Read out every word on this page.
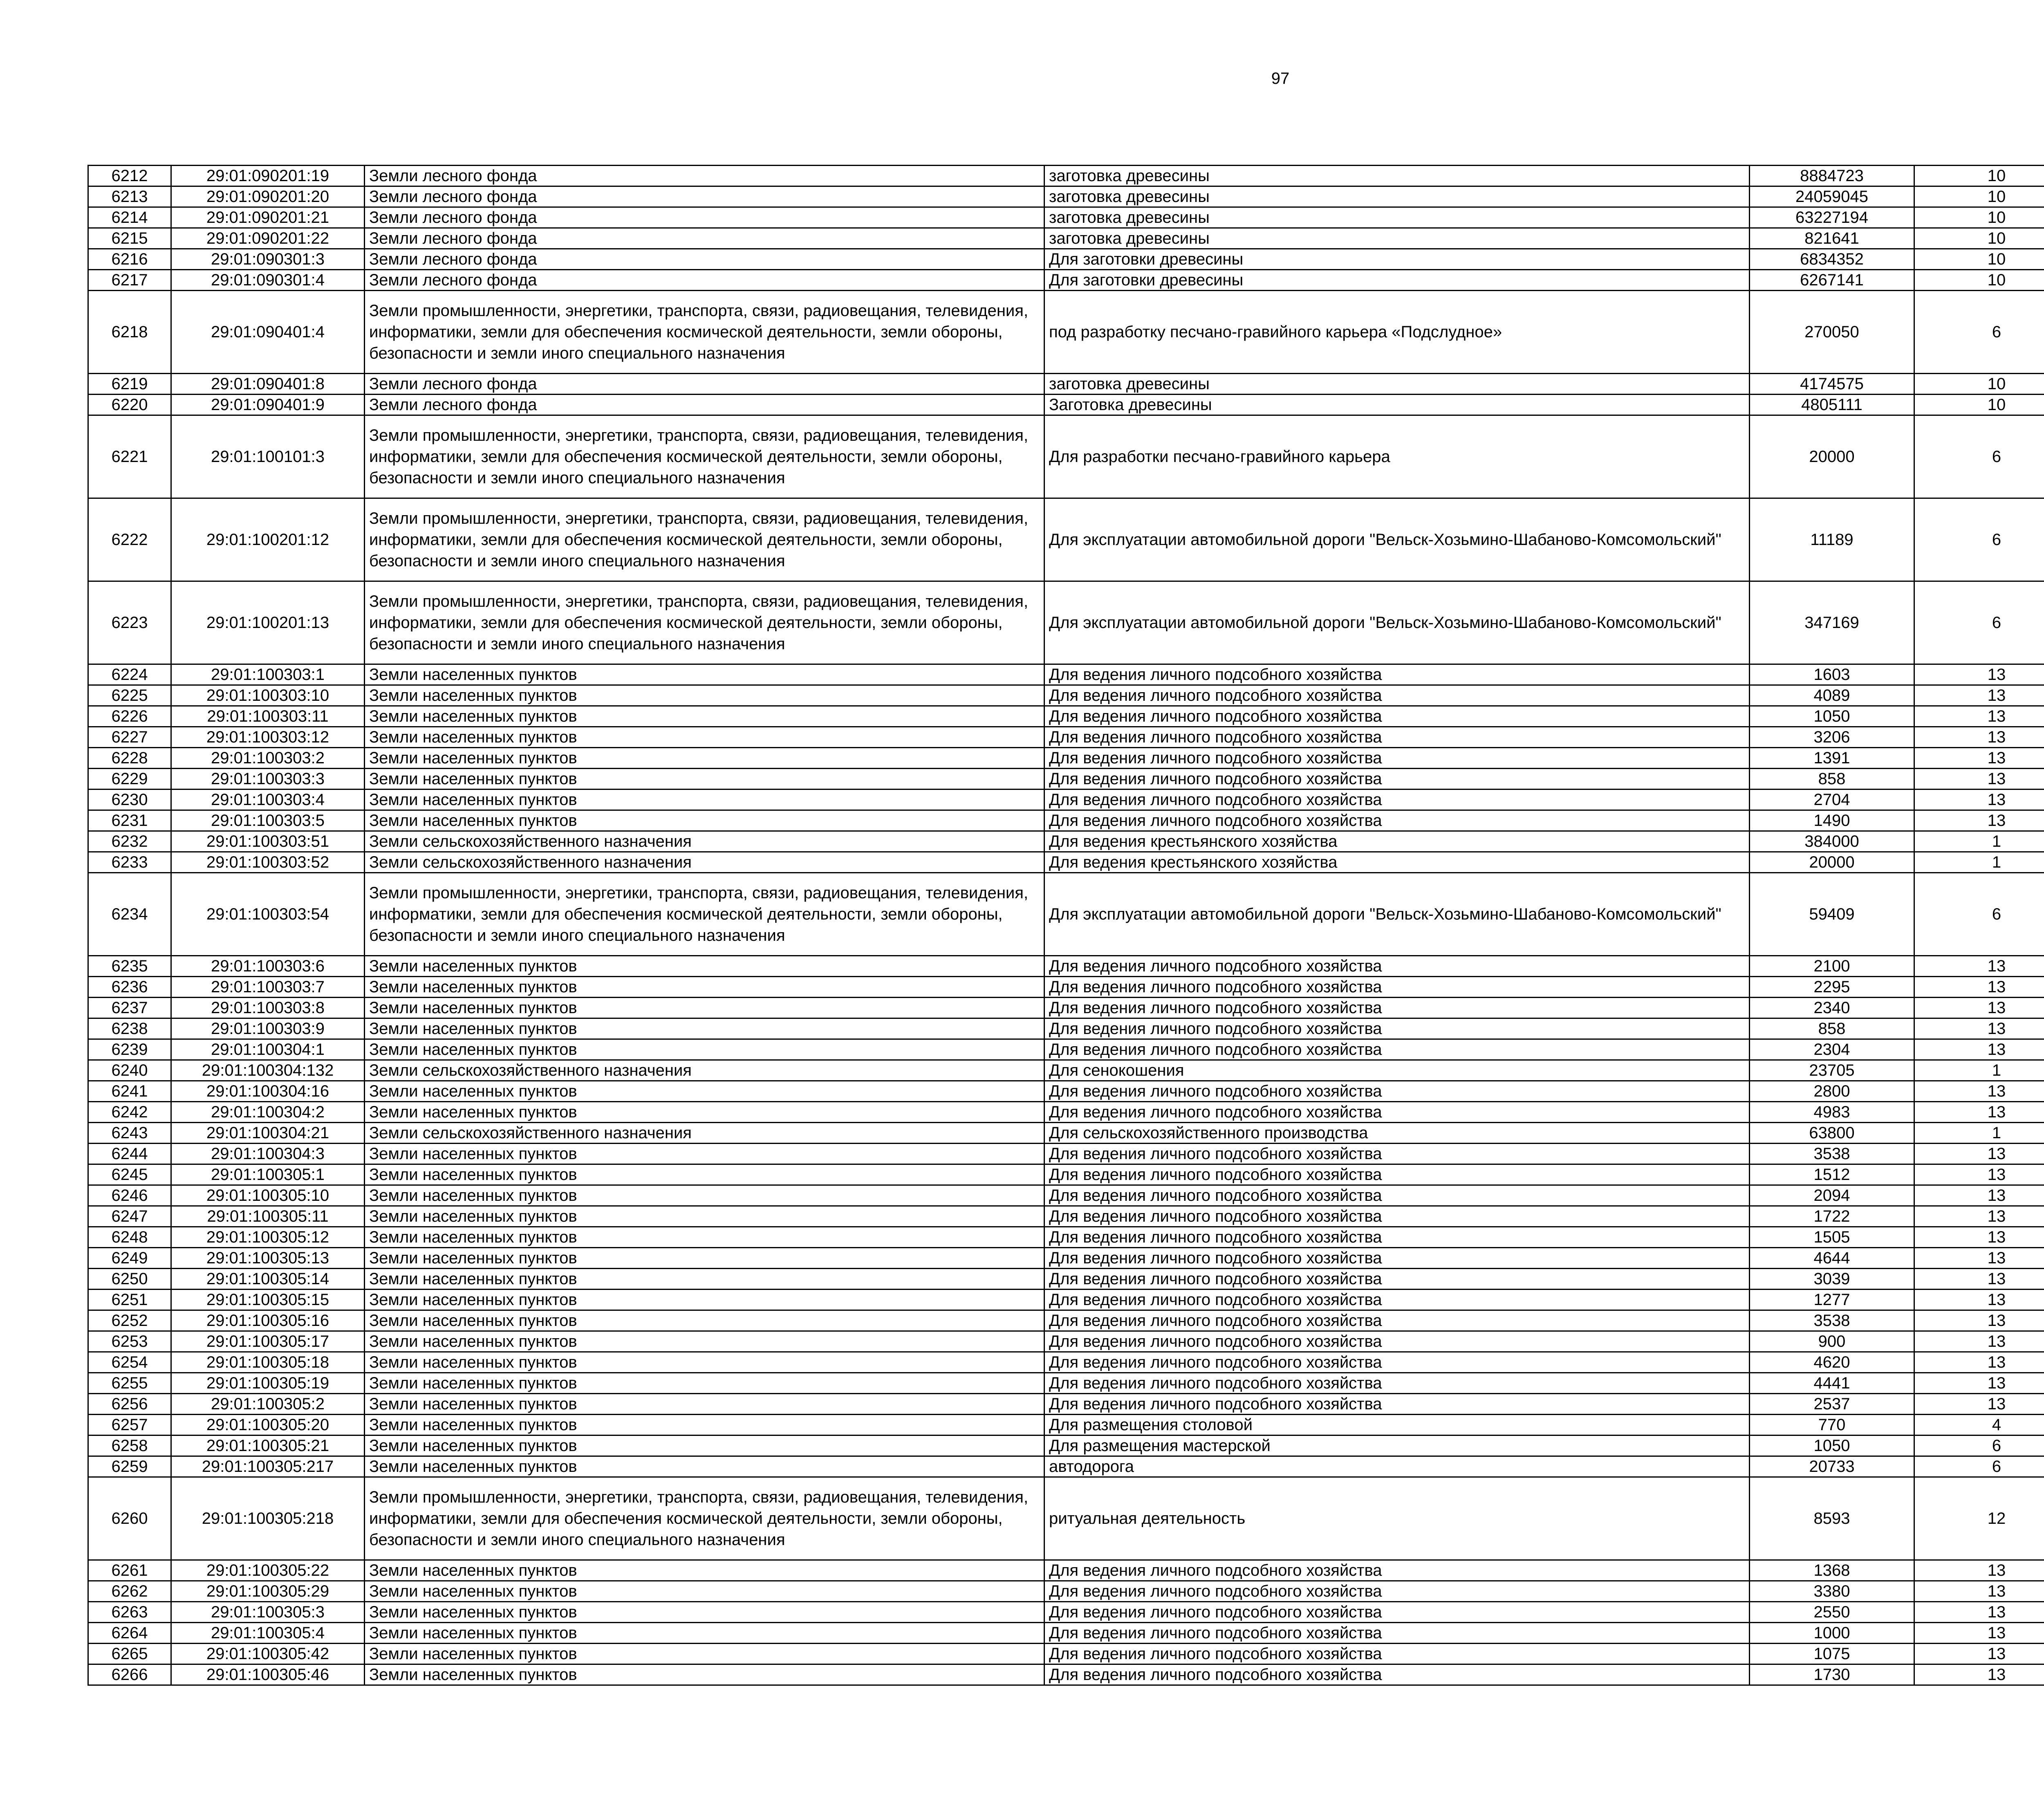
97
6212	29:01:090201:19	Земли лесного фонда	заготовка древесины	8884723	10		
6213	29:01:090201:20	Земли лесного фонда	заготовка древесины	24059045	10		
6214	29:01:090201:21	Земли лесного фонда	заготовка древесины	63227194	10		
6215	29:01:090201:22	Земли лесного фонда	заготовка древесины	821641	10		
6216	29:01:090301:3	Земли лесного фонда	Для заготовки древесины	6834352	10		
6217	29:01:090301:4	Земли лесного фонда	Для заготовки древесины	6267141	10		
6218	29:01:090401:4	Земли промышленности, энергетики, транспорта, связи, радиовещания, телевидения, информатики, земли для обеспечения космической деятельности, земли обороны, безопасности и земли иного специального назначения	под разработку песчано-гравийного карьера «Подслудное»	270050	6		
6219	29:01:090401:8	Земли лесного фонда	заготовка древесины	4174575	10		
6220	29:01:090401:9	Земли лесного фонда	Заготовка древесины	4805111	10		
6221	29:01:100101:3	Земли промышленности, энергетики, транспорта, связи, радиовещания, телевидения, информатики, земли для обеспечения космической деятельности, земли обороны, безопасности и земли иного специального назначения	Для разработки песчано-гравийного карьера	20000	6		
6222	29:01:100201:12	Земли промышленности, энергетики, транспорта, связи, радиовещания, телевидения, информатики, земли для обеспечения космической деятельности, земли обороны, безопасности и земли иного специального назначения	Для эксплуатации автомобильной дороги "Вельск-Хозьмино-Шабаново-Комсомольский"	11189	6		
6223	29:01:100201:13	Земли промышленности, энергетики, транспорта, связи, радиовещания, телевидения, информатики, земли для обеспечения космической деятельности, земли обороны, безопасности и земли иного специального назначения	Для эксплуатации автомобильной дороги "Вельск-Хозьмино-Шабаново-Комсомольский"	347169	6		
6224	29:01:100303:1	Земли населенных пунктов	Для ведения личного подсобного хозяйства	1603	13		
6225	29:01:100303:10	Земли населенных пунктов	Для ведения личного подсобного хозяйства	4089	13		
6226	29:01:100303:11	Земли населенных пунктов	Для ведения личного подсобного хозяйства	1050	13		
6227	29:01:100303:12	Земли населенных пунктов	Для ведения личного подсобного хозяйства	3206	13		
6228	29:01:100303:2	Земли населенных пунктов	Для ведения личного подсобного хозяйства	1391	13		
6229	29:01:100303:3	Земли населенных пунктов	Для ведения личного подсобного хозяйства	858	13		
6230	29:01:100303:4	Земли населенных пунктов	Для ведения личного подсобного хозяйства	2704	13		
6231	29:01:100303:5	Земли населенных пунктов	Для ведения личного подсобного хозяйства	1490	13		
6232	29:01:100303:51	Земли сельскохозяйственного назначения	Для ведения крестьянского хозяйства	384000	1		
6233	29:01:100303:52	Земли сельскохозяйственного назначения	Для ведения крестьянского хозяйства	20000	1		
6234	29:01:100303:54	Земли промышленности, энергетики, транспорта, связи, радиовещания, телевидения, информатики, земли для обеспечения космической деятельности, земли обороны, безопасности и земли иного специального назначения	Для эксплуатации автомобильной дороги "Вельск-Хозьмино-Шабаново-Комсомольский"	59409	6		
6235	29:01:100303:6	Земли населенных пунктов	Для ведения личного подсобного хозяйства	2100	13		
6236	29:01:100303:7	Земли населенных пунктов	Для ведения личного подсобного хозяйства	2295	13		
6237	29:01:100303:8	Земли населенных пунктов	Для ведения личного подсобного хозяйства	2340	13		
6238	29:01:100303:9	Земли населенных пунктов	Для ведения личного подсобного хозяйства	858	13		
6239	29:01:100304:1	Земли населенных пунктов	Для ведения личного подсобного хозяйства	2304	13		
6240	29:01:100304:132	Земли сельскохозяйственного назначения	Для сенокошения	23705	1		
6241	29:01:100304:16	Земли населенных пунктов	Для ведения личного подсобного хозяйства	2800	13		
6242	29:01:100304:2	Земли населенных пунктов	Для ведения личного подсобного хозяйства	4983	13		
6243	29:01:100304:21	Земли сельскохозяйственного назначения	Для сельскохозяйственного производства	63800	1		
6244	29:01:100304:3	Земли населенных пунктов	Для ведения личного подсобного хозяйства	3538	13		
6245	29:01:100305:1	Земли населенных пунктов	Для ведения личного подсобного хозяйства	1512	13		
6246	29:01:100305:10	Земли населенных пунктов	Для ведения личного подсобного хозяйства	2094	13		
6247	29:01:100305:11	Земли населенных пунктов	Для ведения личного подсобного хозяйства	1722	13		
6248	29:01:100305:12	Земли населенных пунктов	Для ведения личного подсобного хозяйства	1505	13		
6249	29:01:100305:13	Земли населенных пунктов	Для ведения личного подсобного хозяйства	4644	13		
6250	29:01:100305:14	Земли населенных пунктов	Для ведения личного подсобного хозяйства	3039	13		
6251	29:01:100305:15	Земли населенных пунктов	Для ведения личного подсобного хозяйства	1277	13		
6252	29:01:100305:16	Земли населенных пунктов	Для ведения личного подсобного хозяйства	3538	13		
6253	29:01:100305:17	Земли населенных пунктов	Для ведения личного подсобного хозяйства	900	13		
6254	29:01:100305:18	Земли населенных пунктов	Для ведения личного подсобного хозяйства	4620	13		
6255	29:01:100305:19	Земли населенных пунктов	Для ведения личного подсобного хозяйства	4441	13		
6256	29:01:100305:2	Земли населенных пунктов	Для ведения личного подсобного хозяйства	2537	13		
6257	29:01:100305:20	Земли населенных пунктов	Для размещения столовой	770	4		
6258	29:01:100305:21	Земли населенных пунктов	Для размещения мастерской	1050	6		
6259	29:01:100305:217	Земли населенных пунктов	автодорога	20733	6		
6260	29:01:100305:218	Земли промышленности, энергетики, транспорта, связи, радиовещания, телевидения, информатики, земли для обеспечения космической деятельности, земли обороны, безопасности и земли иного специального назначения	ритуальная деятельность	8593	12		
6261	29:01:100305:22	Земли населенных пунктов	Для ведения личного подсобного хозяйства	1368	13		
6262	29:01:100305:29	Земли населенных пунктов	Для ведения личного подсобного хозяйства	3380	13		
6263	29:01:100305:3	Земли населенных пунктов	Для ведения личного подсобного хозяйства	2550	13		
6264	29:01:100305:4	Земли населенных пунктов	Для ведения личного подсобного хозяйства	1000	13		
6265	29:01:100305:42	Земли населенных пунктов	Для ведения личного подсобного хозяйства	1075	13		
6266	29:01:100305:46	Земли населенных пунктов	Для ведения личного подсобного хозяйства	1730	13		
